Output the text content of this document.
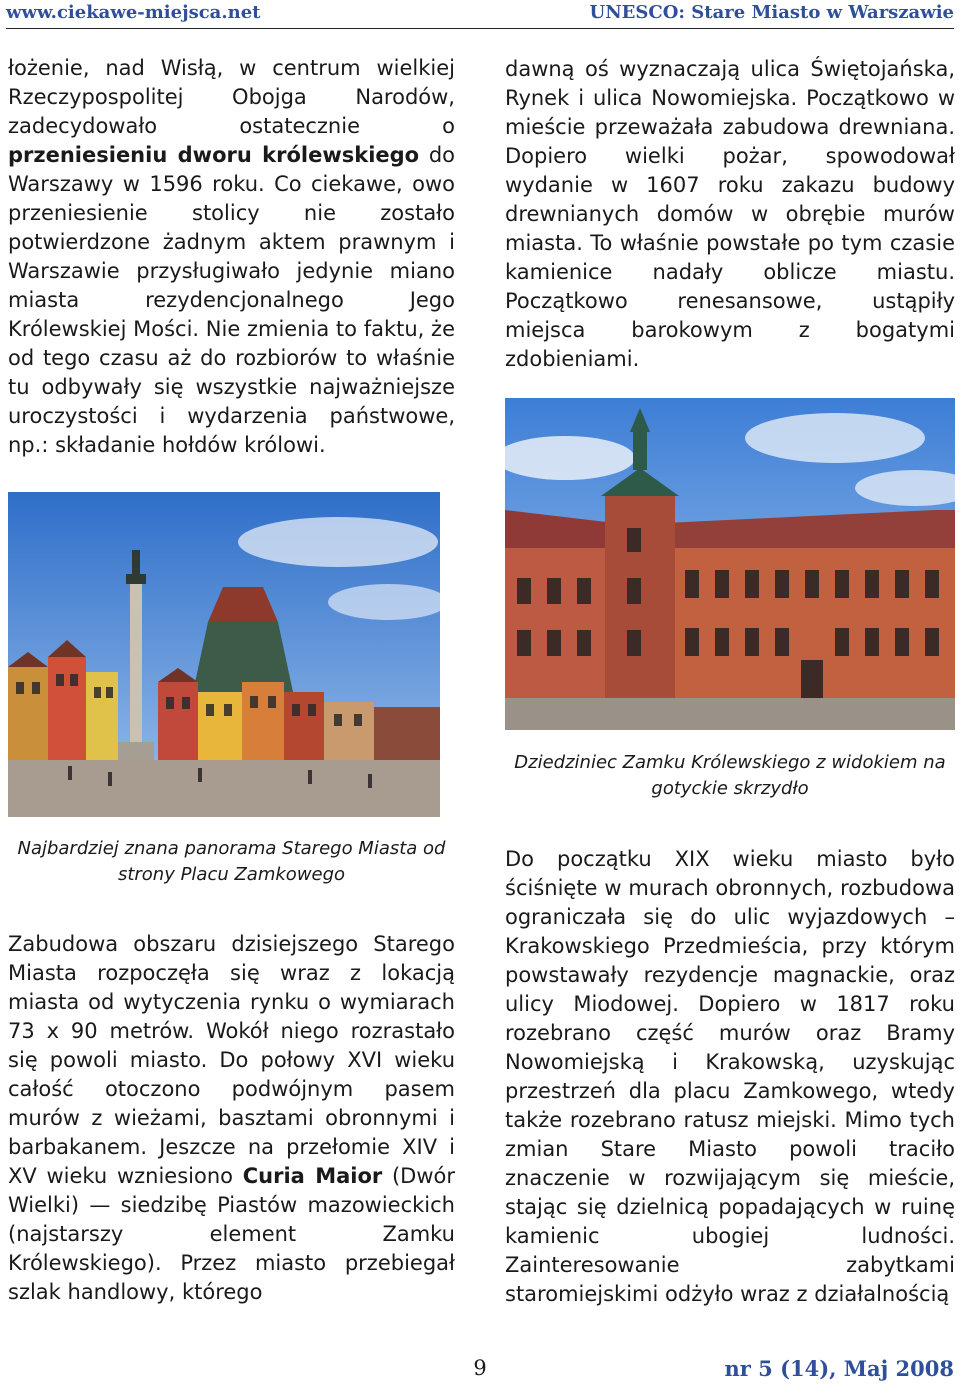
www.ciekawe-miejsca.net	UNESCO: Stare Miasto w Warszawie

łożenie, nad Wisłą, w centrum wielkiej Rzeczypospolitej Obojga Narodów, zadecydowało ostatecznie o przeniesieniu dworu królewskiego do Warszawy w 1596 roku. Co ciekawe, owo przeniesienie stolicy nie zostało potwierdzone żadnym aktem prawnym i Warszawie przysługiwało jedynie miano miasta rezydencjonalnego Jego Królewskiej Mości. Nie zmienia to faktu, że od tego czasu aż do rozbiorów to właśnie tu odbywały się wszystkie najważniejsze uroczystości i wydarzenia państwowe, np.: składanie hołdów królowi.

dawną oś wyznaczają ulica Świętojańska, Rynek i ulica Nowomiejska. Początkowo w mieście przeważała zabudowa drewniana. Dopiero wielki pożar, spowodował wydanie w 1607 roku zakazu budowy drewnianych domów w obrębie murów miasta. To właśnie powstałe po tym czasie kamienice nadały oblicze miastu. Początkowo renesansowe, ustąpiły miejsca barokowym z bogatymi zdobieniami.

Dziedziniec Zamku Królewskiego z widokiem na gotyckie skrzydło
Najbardziej znana panorama Starego Miasta od strony Placu Zamkowego

Zabudowa obszaru dzisiejszego Starego Miasta rozpoczęła się wraz z lokacją miasta od wytyczenia rynku o wymiarach 73 x 90 metrów. Wokół niego rozrastało się powoli miasto. Do połowy XVI wieku całość otoczono podwójnym pasem murów z wieżami, basztami obronnymi i barbakanem. Jeszcze na przełomie XIV i XV wieku wzniesiono Curia Maior (Dwór Wielki) — siedzibę Piastów mazowieckich (najstarszy element Zamku Królewskiego). Przez miasto przebiegał szlak handlowy, którego

Do początku XIX wieku miasto było ściśnięte w murach obronnych, rozbudowa ograniczała się do ulic wyjazdowych – Krakowskiego Przedmieścia, przy którym powstawały rezydencje magnackie, oraz ulicy Miodowej. Dopiero w 1817 roku rozebrano część murów oraz Bramy Nowomiejską i Krakowską, uzyskując przestrzeń dla placu Zamkowego, wtedy także rozebrano ratusz miejski. Mimo tych zmian Stare Miasto powoli traciło znaczenie w rozwijającym się mieście, stając się dzielnicą popadających w ruinę kamienic ubogiej ludności. Zainteresowanie zabytkami staromiejskimi odżyło wraz z działalnością

9	nr 5 (14), Maj 2008
